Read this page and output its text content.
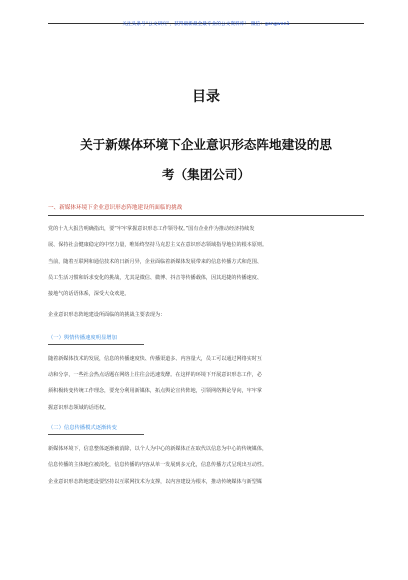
关注头条号“公文研究”，获得最新最全最专业的公文资料库！ 微信：gongwen1
目录
关于新媒体环境下企业意识形态阵地建设的思
考（集团公司）
一、新媒体环境下企业意识形态阵地建设所面临的挑战
党的十九大报告明确指出，要“牢牢掌握意识形态工作领导权。”国有企业作为推动经济持续发
展、保持社会健康稳定的中坚力量，唯始终坚持马克思主义在意识形态领域指导地位的根本原则。
当前，随着互联网和通信技术的日新月异，企业面临着新媒体发展带来的信息传播方式和范围、
员工生活习惯和诉求变化的挑战，尤其是微信、微博、抖音等传播载体，因其迅捷的传播速度、
接地气的话语体系，深受大众欢迎。
企业意识形态阵地建设所面临的的挑战主要表现为：
（一）舆情传播速度明显增加
随着新媒体技术的发展，信息的传播速度快、传播渠道多、内容量大，员工可以通过网络实时互
动和分享，一些社会热点话题在网络上往往会迅速发酵。在这样的环境下开展意识形态工作，必
须积极转变传统工作理念，要充分利用新媒体，拓点舆论宣传阵地，引领网络舆论导向，牢牢掌
握意识形态领域的话语权。
（二）信息传播模式逐渐转变
新媒体环境下，信息整体逐渐被消除，以个人为中心的新媒体正在取代以信息为中心的传统媒体，
信息传播的主体地位被淡化，信息传播的内容从单一发展到多元化，信息传播方式呈现出互动性。
企业意识形态阵地建设要坚持以互联网技术为支撑，以内容建设为根本，推动传统媒体与新型媒
